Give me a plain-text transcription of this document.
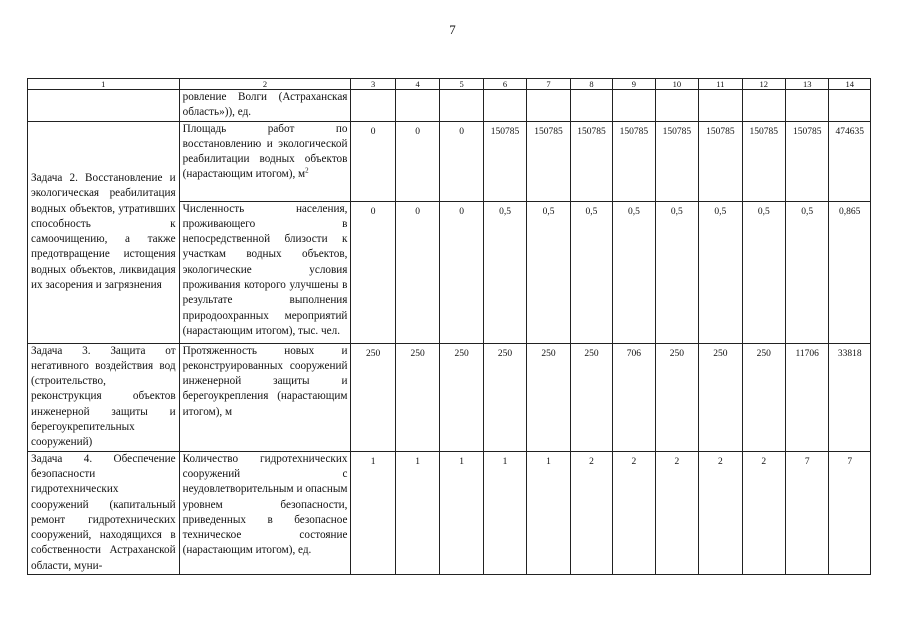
7
1	2	3	4	5	6	7	8	9	10	11	12	13	14
	ровление Волги (Астраханская область»)), ед.												
Задача 2. Восстановление и экологическая реабилитация водных объектов, утративших способность к самоочищению, а также предотвращение истощения водных объектов, ликвидация их засорения и загрязнения	Площадь работ по восстановлению и экологической реабилитации водных объектов (нарастающим итогом), $м^2$	0	0	0	150785	150785	150785	150785	150785	150785	150785	150785	474635
	Численность населения, проживающего в непосредственной близости к участкам водных объектов, экологические условия проживания которого улучшены в результате выполнения природоохранных мероприятий (нарастающим итогом), тыс. чел.	0	0	0	0,5	0,5	0,5	0,5	0,5	0,5	0,5	0,5	0,865
Задача 3. Защита от негативного воздействия вод (строительство, реконструкция объектов инженерной защиты и берегоукрепительных сооружений)	Протяженность новых и реконструированных сооружений инженерной защиты и берегоукрепления (нарастающим итогом), м	250	250	250	250	250	250	706	250	250	250	11706	33818
Задача 4. Обеспечение безопасности гидротехнических сооружений (капитальный ремонт гидротехнических сооружений, находящихся в собственности Астраханской области, муни-	Количество гидротехнических сооружений с неудовлетворительным и опасным уровнем безопасности, приведенных в безопасное техническое состояние (нарастающим итогом), ед.	1	1	1	1	1	2	2	2	2	2	7	7
